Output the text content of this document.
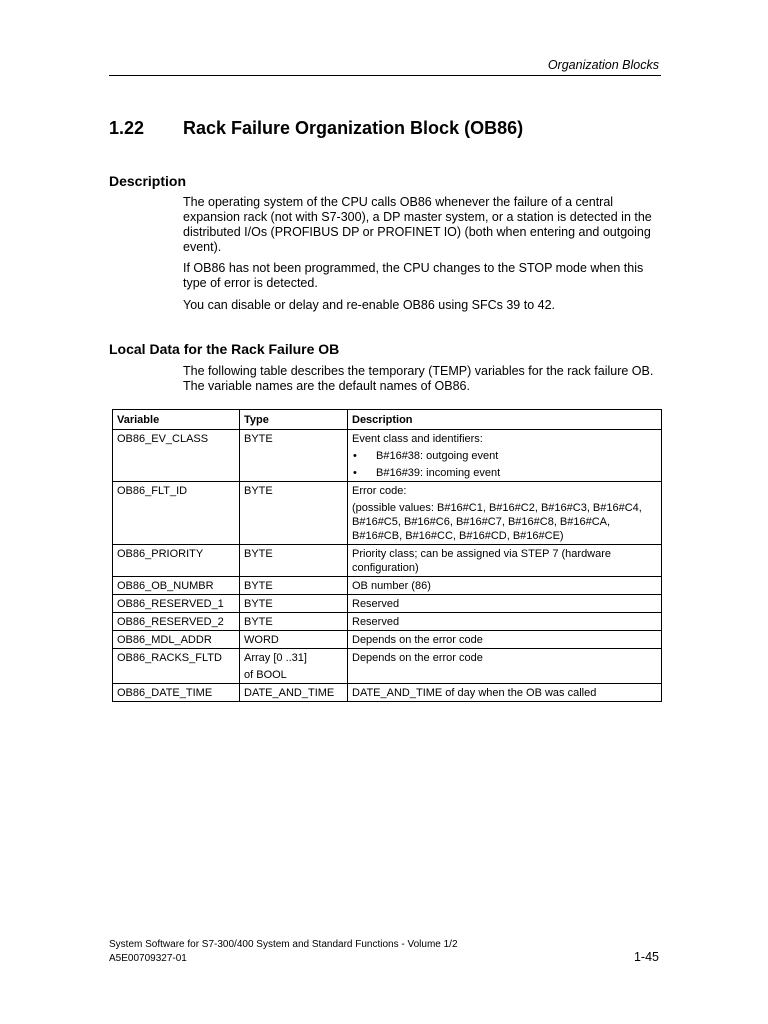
Organization Blocks
1.22 Rack Failure Organization Block (OB86)
Description
The operating system of the CPU calls OB86 whenever the failure of a central expansion rack (not with S7-300), a DP master system, or a station is detected in the distributed I/Os (PROFIBUS DP or PROFINET IO) (both when entering and outgoing event).
If OB86 has not been programmed, the CPU changes to the STOP mode when this type of error is detected.
You can disable or delay and re-enable OB86 using SFCs 39 to 42.
Local Data for the Rack Failure OB
The following table describes the temporary (TEMP) variables for the rack failure OB. The variable names are the default names of OB86.
Variable	Type	Description
OB86_EV_CLASS	BYTE	Event class and identifiers:
• B#16#38: outgoing event
• B#16#39: incoming event

OB86_FLT_ID	BYTE	Error code:
(possible values: B#16#C1, B#16#C2, B#16#C3, B#16#C4, B#16#C5, B#16#C6, B#16#C7, B#16#C8, B#16#CA, B#16#CB, B#16#CC, B#16#CD, B#16#CE)

OB86_PRIORITY	BYTE	Priority class; can be assigned via STEP 7 (hardware configuration)
OB86_OB_NUMBR	BYTE	OB number (86)
OB86_RESERVED_1	BYTE	Reserved
OB86_RESERVED_2	BYTE	Reserved
OB86_MDL_ADDR	WORD	Depends on the error code
OB86_RACKS_FLTD	Array [0 ..31]
of BOOL	Depends on the error code
OB86_DATE_TIME	DATE_AND_TIME	DATE_AND_TIME of day when the OB was called
System Software for S7-300/400 System and Standard Functions - Volume 1/2
A5E00709327-01	1-45
